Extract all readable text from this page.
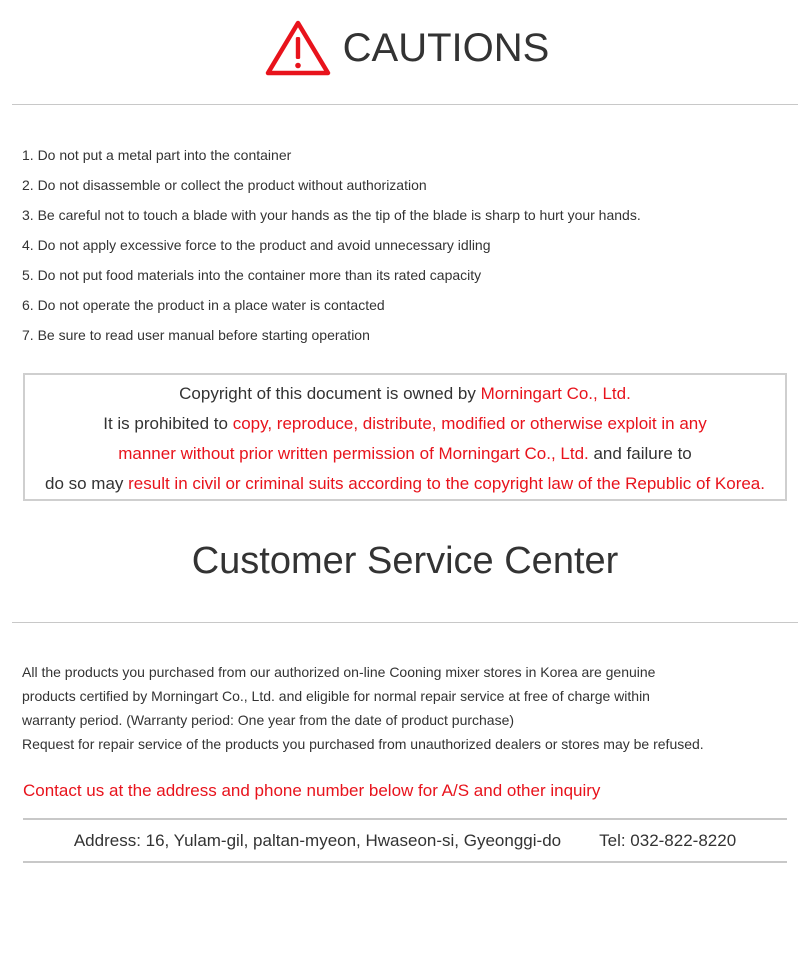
CAUTIONS
1. Do not put a metal part into the container
2. Do not disassemble or collect the product without authorization
3. Be careful not to touch a blade with your hands as the tip of the blade is sharp to hurt your hands.
4. Do not apply excessive force to the product and avoid unnecessary idling
5. Do not put food materials into the container more than its rated capacity
6. Do not operate the product in a place water is contacted
7. Be sure to read user manual before starting operation
Copyright of this document is owned by Morningart Co., Ltd.
It is prohibited to copy, reproduce, distribute, modified or otherwise exploit in any
manner without prior written permission of Morningart Co., Ltd. and failure to
do so may result in civil or criminal suits according to the copyright law of the Republic of Korea.
Customer Service Center
All the products you purchased from our authorized on-line Cooning mixer stores in Korea are genuine
products certified by Morningart Co., Ltd. and eligible for normal repair service at free of charge within
warranty period. (Warranty period: One year from the date of product purchase)
Request for repair service of the products you purchased from unauthorized dealers or stores may be refused.
Contact us at the address and phone number below for A/S and other inquiry
Address: 16, Yulam-gil, paltan-myeon, Hwaseon-si, Gyeonggi-do Tel: 032-822-8220
